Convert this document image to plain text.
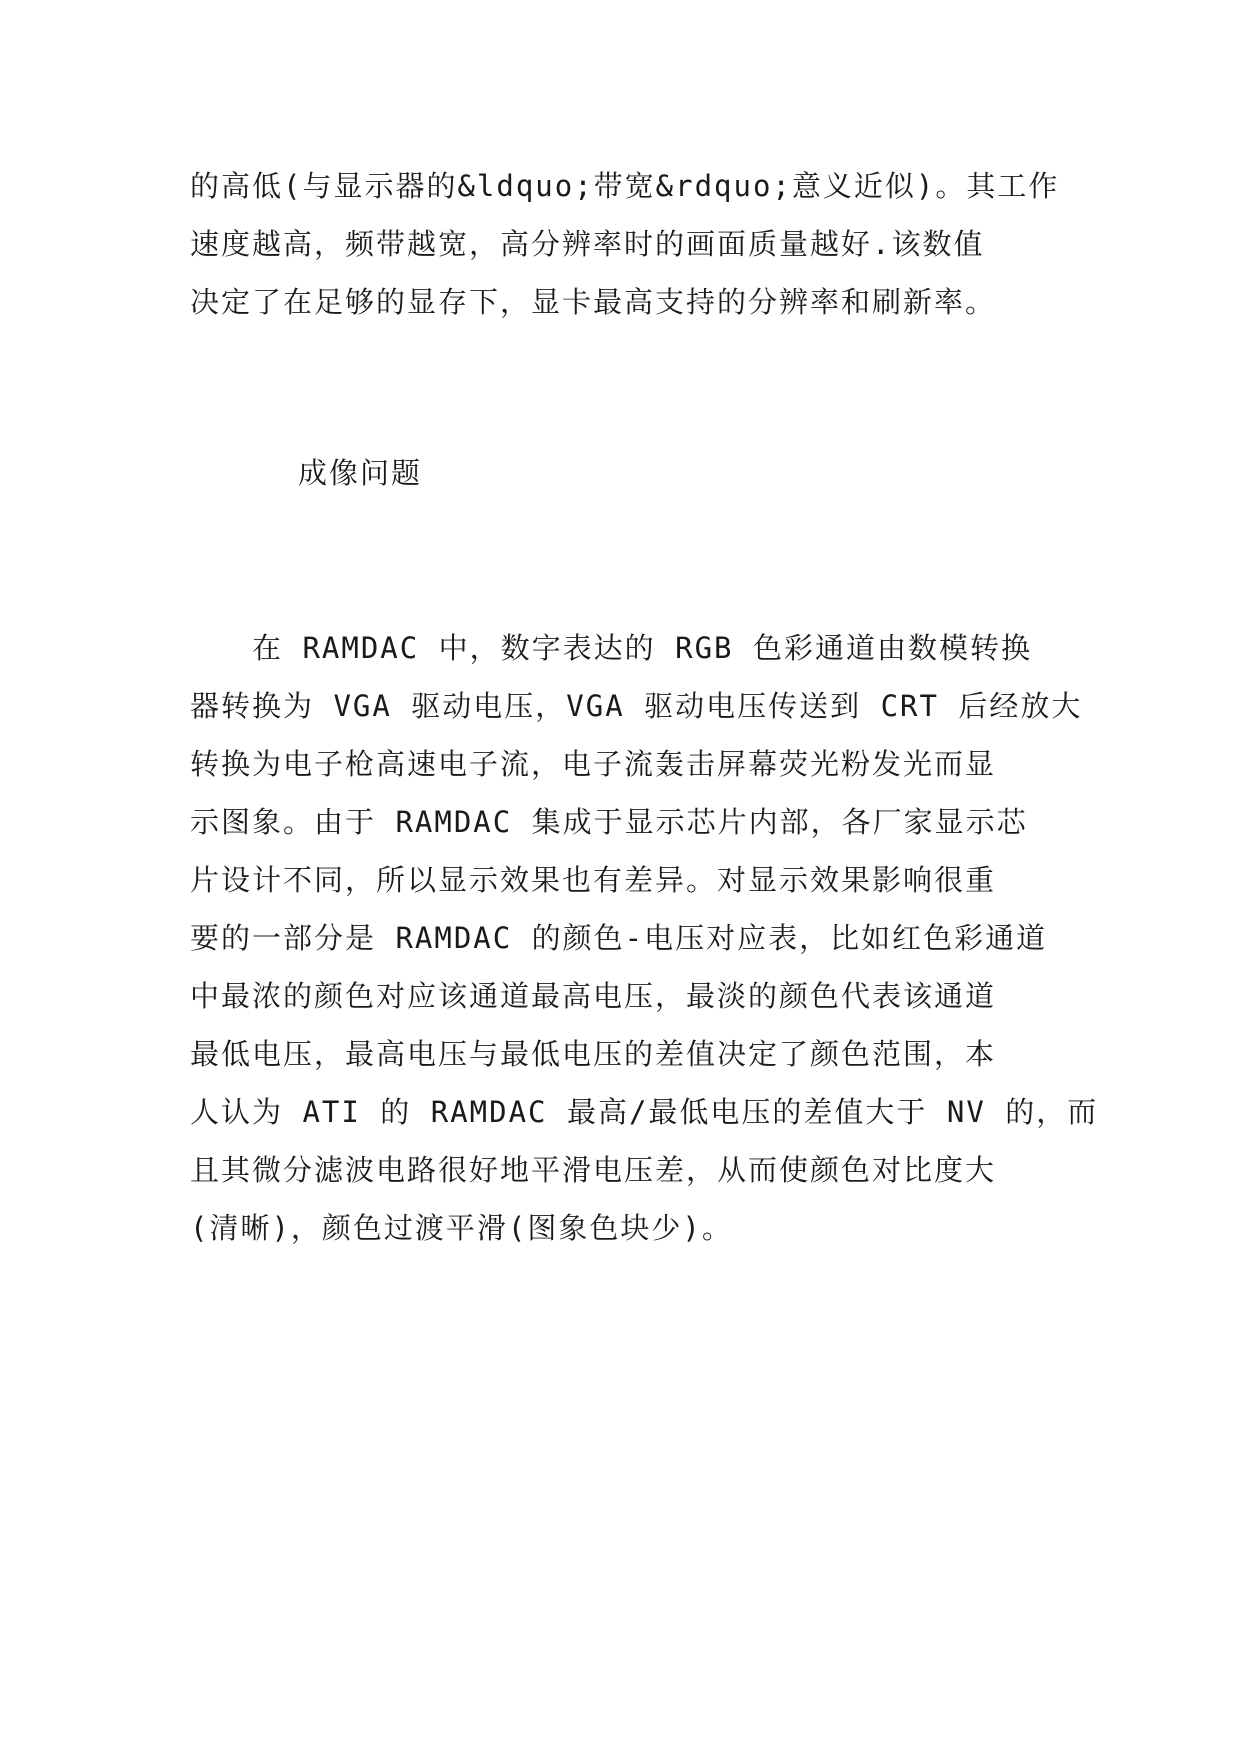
的高低(与显示器的&ldquo;带宽&rdquo;意义近似)。其工作
速度越高，频带越宽，高分辨率时的画面质量越好.该数值
决定了在足够的显存下，显卡最高支持的分辨率和刷新率。
成像问题
　　在 RAMDAC 中，数字表达的 RGB 色彩通道由数模转换
器转换为 VGA 驱动电压，VGA 驱动电压传送到 CRT 后经放大
转换为电子枪高速电子流，电子流轰击屏幕荧光粉发光而显
示图象。由于 RAMDAC 集成于显示芯片内部，各厂家显示芯
片设计不同，所以显示效果也有差异。对显示效果影响很重
要的一部分是 RAMDAC 的颜色-电压对应表，比如红色彩通道
中最浓的颜色对应该通道最高电压，最淡的颜色代表该通道
最低电压，最高电压与最低电压的差值决定了颜色范围，本
人认为 ATI 的 RAMDAC 最高/最低电压的差值大于 NV 的，而
且其微分滤波电路很好地平滑电压差，从而使颜色对比度大
(清晰)，颜色过渡平滑(图象色块少)。
